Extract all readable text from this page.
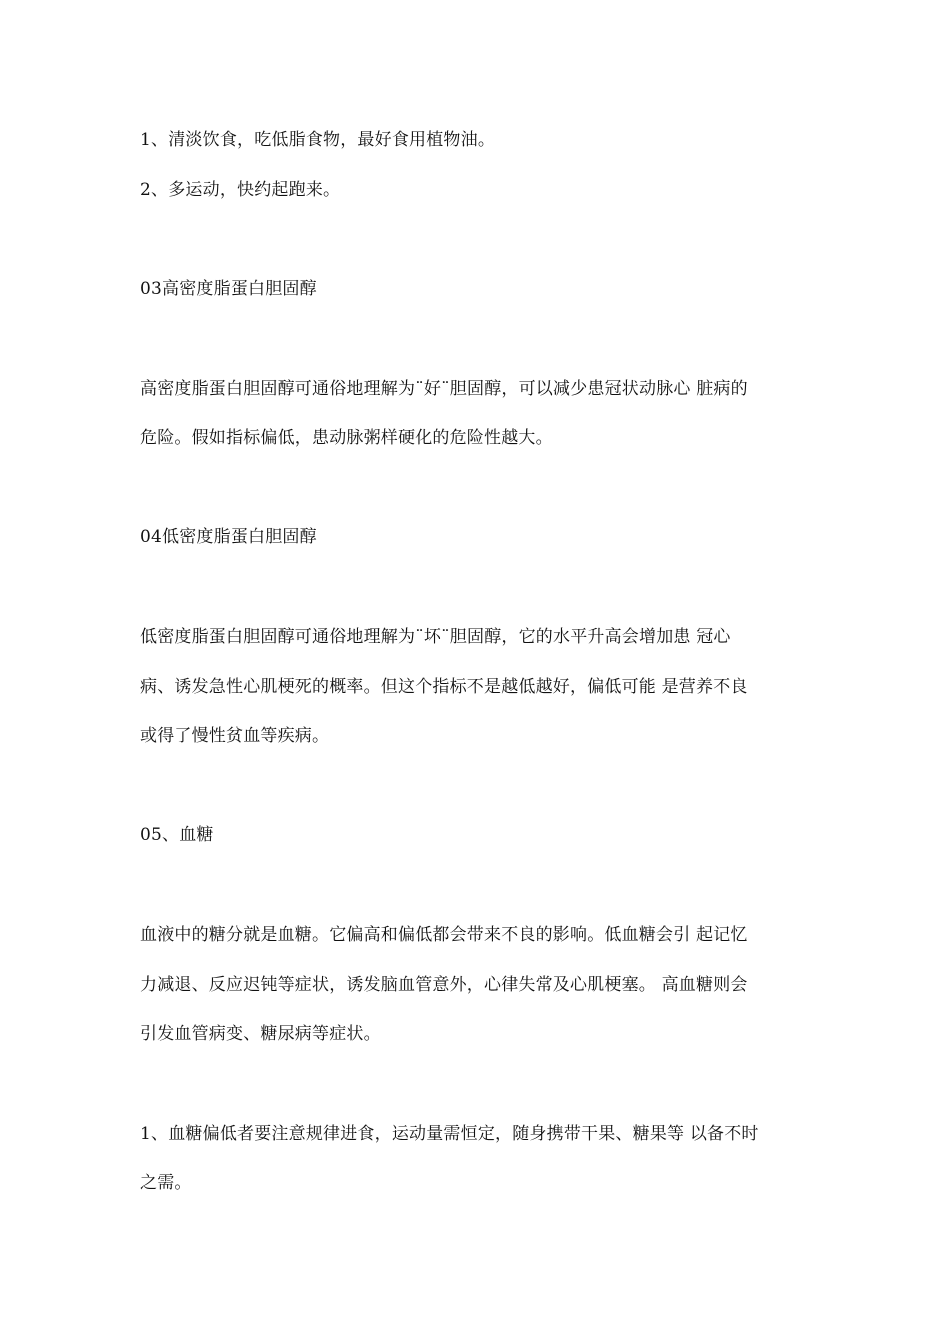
1、清淡饮食，吃低脂食物，最好食用植物油。

2、多运动，快约起跑来。

03高密度脂蛋白胆固醇

高密度脂蛋白胆固醇可通俗地理解为¨好¨胆固醇，可以减少患冠状动脉心 脏病的

危险。假如指标偏低，患动脉粥样硬化的危险性越大。

04低密度脂蛋白胆固醇

低密度脂蛋白胆固醇可通俗地理解为¨坏¨胆固醇，它的水平升高会增加患 冠心

病、诱发急性心肌梗死的概率。但这个指标不是越低越好，偏低可能 是营养不良

或得了慢性贫血等疾病。

05、血糖

血液中的糖分就是血糖。它偏高和偏低都会带来不良的影响。低血糖会引 起记忆

力减退、反应迟钝等症状，诱发脑血管意外，心律失常及心肌梗塞。 高血糖则会

引发血管病变、糖尿病等症状。

1、血糖偏低者要注意规律进食，运动量需恒定，随身携带干果、糖果等 以备不时

之需。
